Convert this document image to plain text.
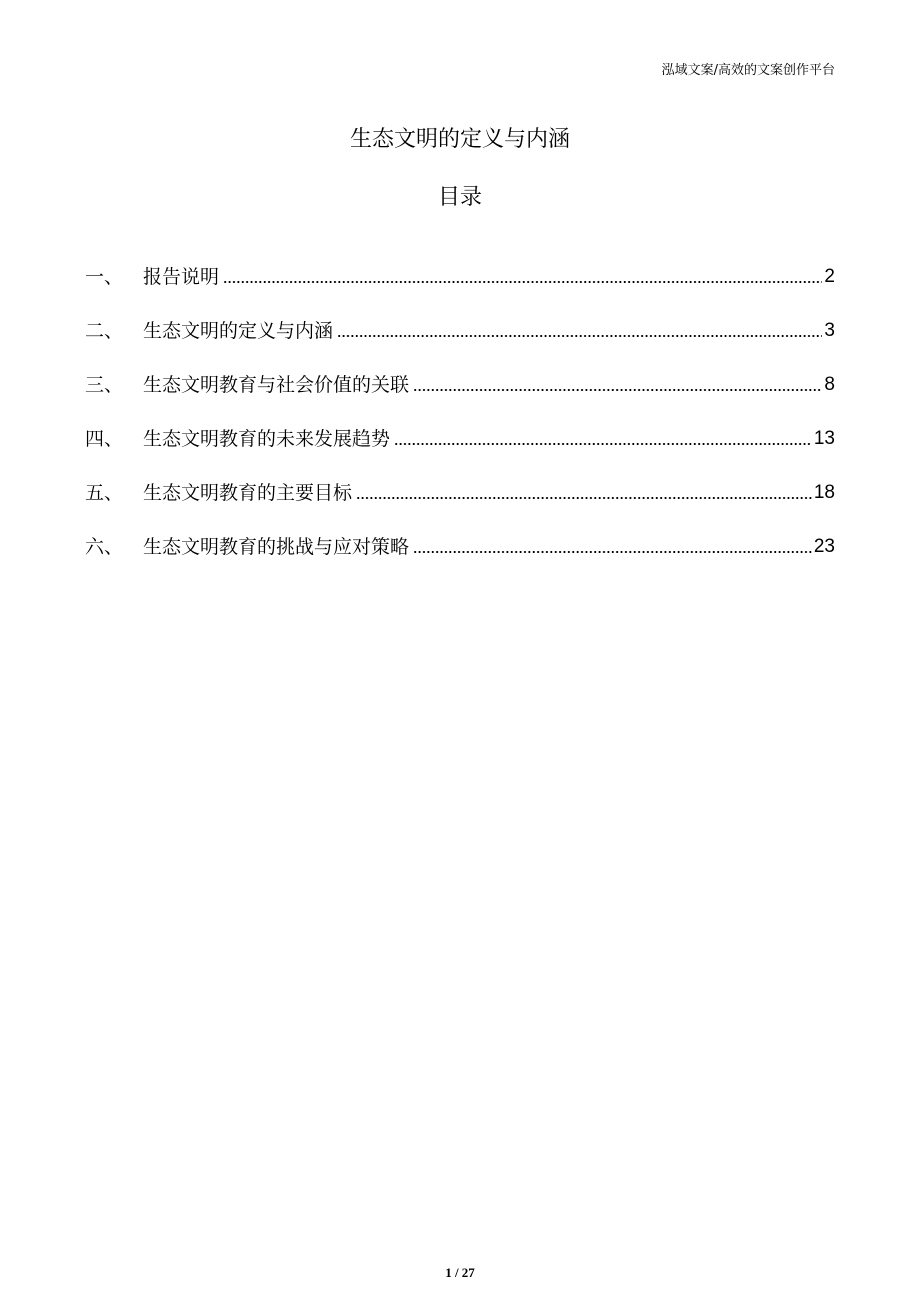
泓域文案/高效的文案创作平台
生态文明的定义与内涵
目录
一、	报告说明	2
二、	生态文明的定义与内涵	3
三、	生态文明教育与社会价值的关联	8
四、	生态文明教育的未来发展趋势	13
五、	生态文明教育的主要目标	18
六、	生态文明教育的挑战与应对策略	23
1 / 27
